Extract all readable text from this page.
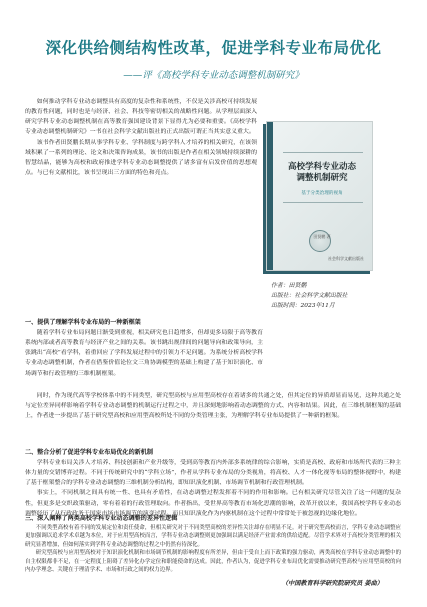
深化供给侧结构性改革，促进学科专业布局优化
——评《高校学科专业动态调整机制研究》

如何推动学科专业动态调整具有高度的复杂性和系统性，不仅是关涉高校可持续发展的教育性问题，同时也是与经济、社会、科技等密切相关的战略性问题。从学理层面深入研究学科专业动态调整机制在高等教育强国建设背景下显得尤为必要和重要。《高校学科专业动态调整机制研究》一书在社会科学文献出版社的正式出版可谓正当其实意义重大。

该书作者田贤鹏长期从事学科专业、学科制度与跨学科人才培养的相关研究，在该领域积累了一系列的理论、论文和决策咨询成果，该书的出版是作者在相关领域持续深耕的智慧结晶，能够为高校和政府推进学科专业动态调整提供了诸多富有启发价值的思想观点。与已有文献相比，该书呈现出三方面的特色和亮点。

高校学科专业动态
调整机制研究
基于分类治理的视角
田贤鹏 著
社会科学文献出版社
作者：田贤鹏
出版社：社会科学文献出版社
出版时间：2023年11月
一、提供了理解学科专业布局的一种新框架

随着学科专业布局问题日渐受到重视，相关研究也日趋增多，但却更多局限于高等教育系统内部或者高等教育与经济产业之间的关系。该书跳出规律间的问题导向和政策导向，主张跳出“高校”看学科，着重回应了学科发展过程中的引领力不足问题。为系统分析高校学科专业动态调整机制，作者在借鉴价值论位文三角协调模型的基础上构建了基于知识演化、市场调节和行政管理的三维机制框架。

同时，作为现代高等学校体系中的不同类型，研究型高校与应用型高校存在着诸多的共通之处，但其定位的异质却显而易见，这种共通之处与定位差异同样影响着学科专业动态调整的机制运行过程之中，并且深刻地影响着动态调整的方式、内容和结果。因此，在三维机制框架的基础上，作者进一步提出了基于研究型高校和应用型高校所处不同的分类管理主张，为理解学科专业布局提供了一种新的框架。

二、整合分析了促进学科专业布局优化的新机制

学科专业布局关涉人才培养、科技创新和产业升级等，受到高等教育内外部多系统律的综合影响，实质是高校、政府和市场所代表的三种主体力量的交错博弈过程。不同于传统研究中的“学科立场”，作者从学科专业布局的分类视角，将高校、人才一体化视等布局的整体视野中，构建了基于框架整合的学科专业动态调整的三维机制分析结构，即知识演化机制、市场调节机制和行政管理机制。

事实上，不同机制之间具有统一性、也具有矛盾性，在动态调整过程发挥着不同的作用和影响。已有相关研究尽管关注了这一问题的复杂性，但更多是交织政策驱动，零有着着的行政管理取向。作者指出，受世界高等教育市场化思潮的影响，改革开放以来，我国高校学科专业动态调整经历了从行政政务于国家市场市场调节的演变过程。而且知识演化作为内驱机制在这个过程中常常处于被忽视的边缘化地位。

三、深入阐释了两类高校学科专业动态调整的差异性逻辑

不同类型高校有着不同的发展定位和责任使命，但相关研究对于不同类型高校的差异性关注却存在明显不足。对于研究型高校而言，学科专业动态调整应更加强调以追求学术卓越为本位，对于应用型高校而言，学科专业动态调整则更加强调以满足经济产业需求的供给适配。尽管学术界对于高校分类管理的相关研究显著增加，但如何落实到学科专业动态调整的过程之中仍然有待深化。

研究型高校与应用型高校对于知识演化机制和市场调节机制的影响程度有所差异，但由于受自上而下政策的强力驱动，两类高校在学科专业动态调整中的自主权限都非不足，在一定程度上阻碍了差异化办学定位和职能使命的达成。因此，作者认为，促进学科专业布局优化需要推动研究型高校与应用型高校的向内办学理念、关键在于理清学术、市场和行政之间的权力边界。

（中国教育科学研究院研究员 姜曲）
